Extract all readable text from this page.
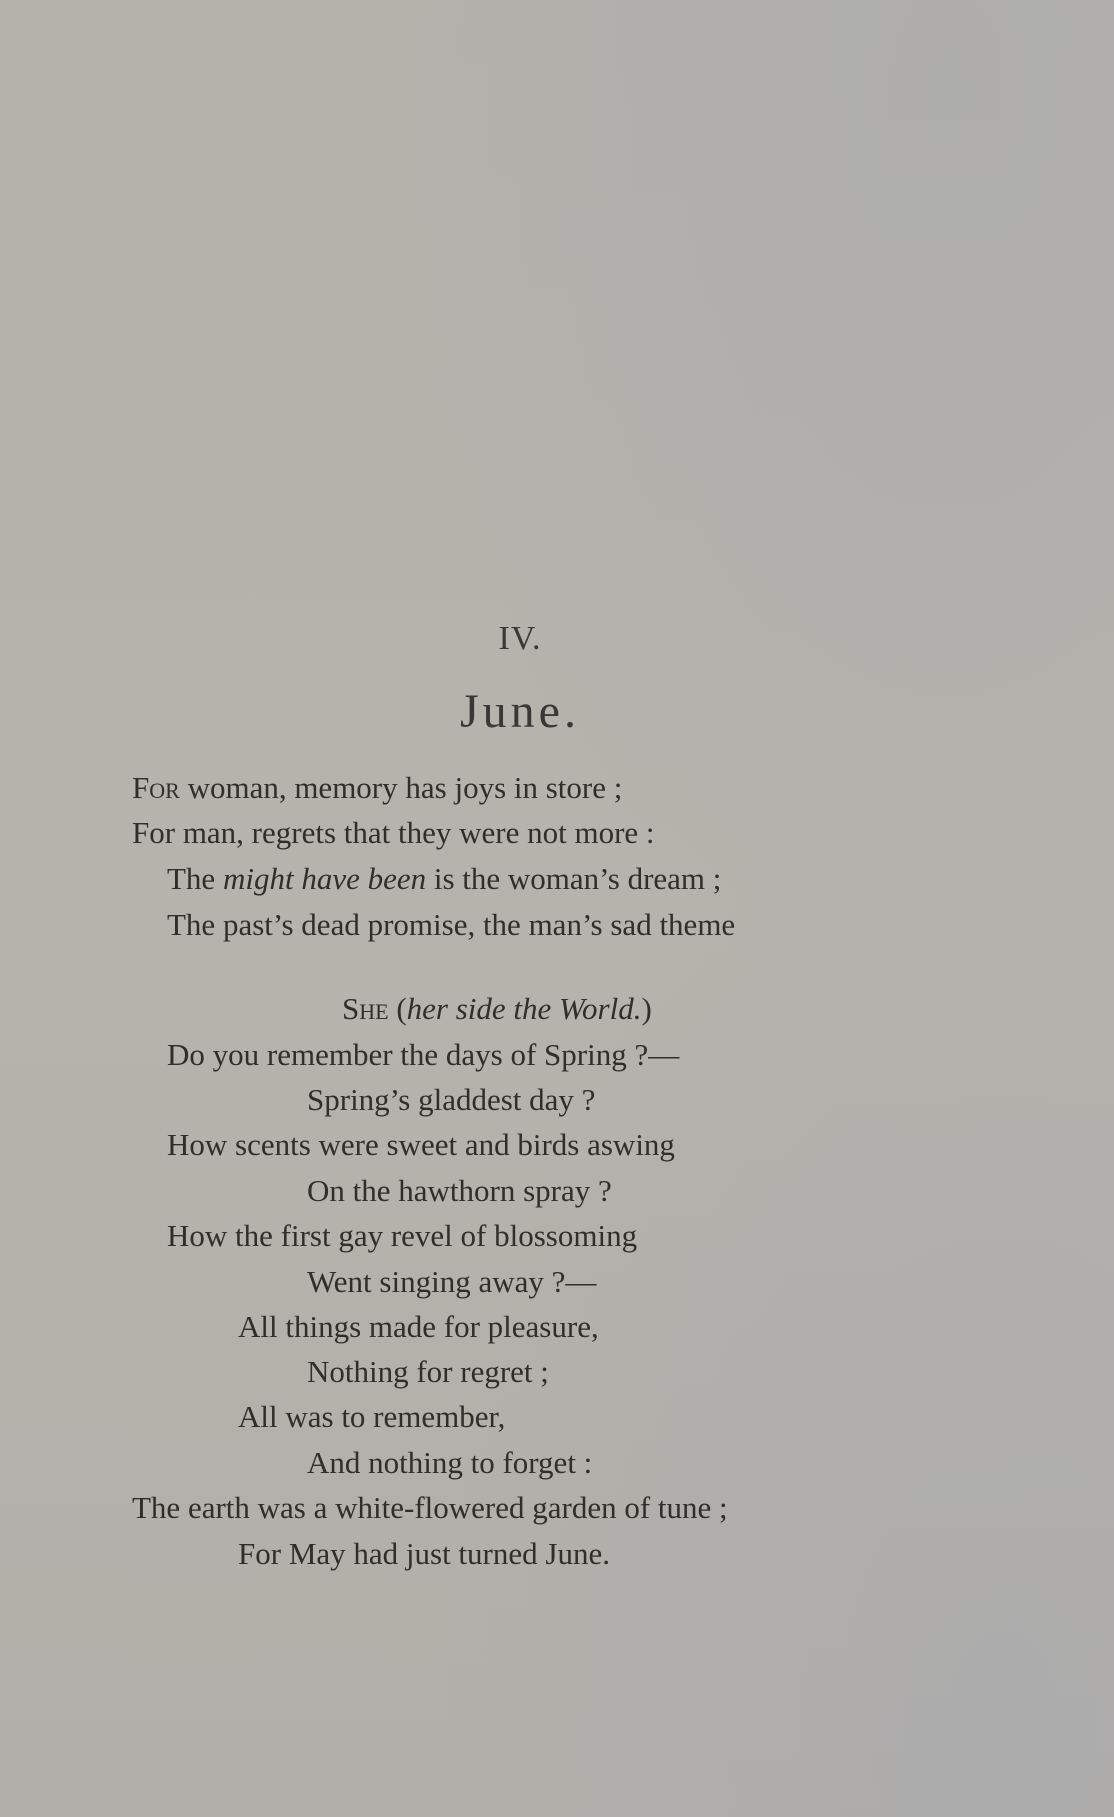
IV.
June.
For woman, memory has joys in store ;
For man, regrets that they were not more :
The might have been is the woman’s dream ;
The past’s dead promise, the man’s sad theme
She (her side the World.)
Do you remember the days of Spring ?—
Spring’s gladdest day ?
How scents were sweet and birds aswing
On the hawthorn spray ?
How the first gay revel of blossoming
Went singing away ?—
All things made for pleasure,
Nothing for regret ;
All was to remember,
And nothing to forget :
The earth was a white-flowered garden of tune ;
For May had just turned June.
